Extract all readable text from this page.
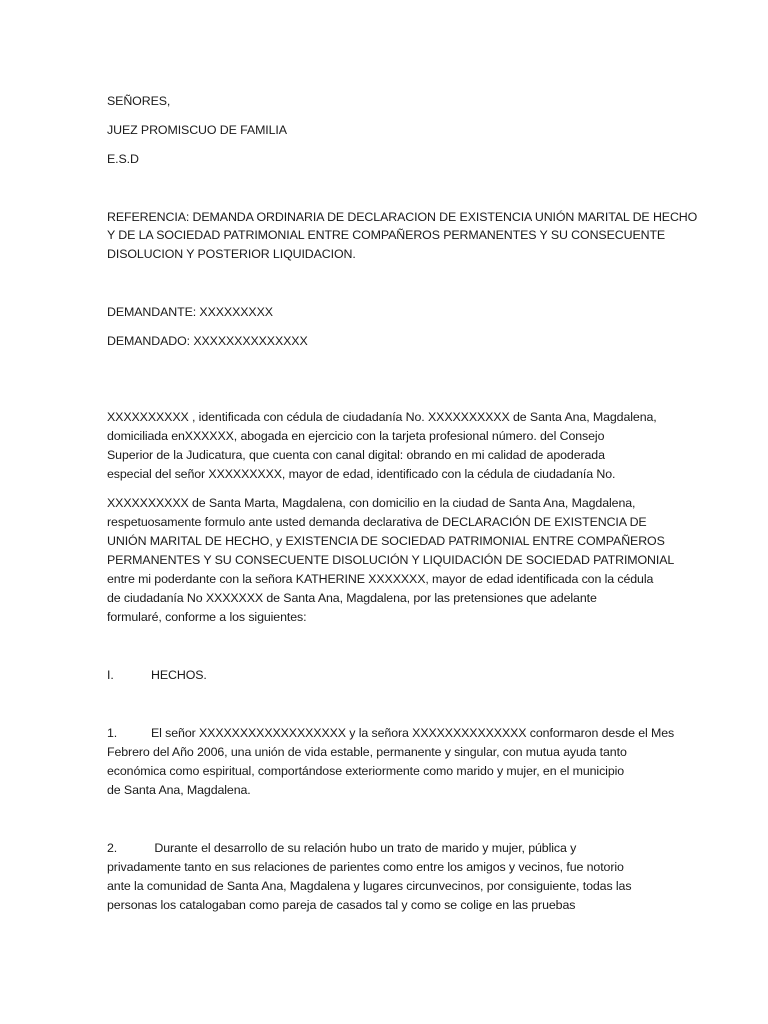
SEÑORES,
JUEZ PROMISCUO DE FAMILIA
E.S.D
REFERENCIA: DEMANDA ORDINARIA DE DECLARACION DE EXISTENCIA UNIÓN MARITAL DE HECHO
Y DE LA SOCIEDAD PATRIMONIAL ENTRE COMPAÑEROS PERMANENTES Y SU CONSECUENTE
DISOLUCION Y POSTERIOR LIQUIDACION.
DEMANDANTE: XXXXXXXXX
DEMANDADO: XXXXXXXXXXXXXX
XXXXXXXXXX , identificada con cédula de ciudadanía No. XXXXXXXXXX de Santa Ana, Magdalena,
domiciliada enXXXXXX, abogada en ejercicio con la tarjeta profesional número. del Consejo
Superior de la Judicatura, que cuenta con canal digital: obrando en mi calidad de apoderada
especial del señor XXXXXXXXX, mayor de edad, identificado con la cédula de ciudadanía No.
XXXXXXXXXX de Santa Marta, Magdalena, con domicilio en la ciudad de Santa Ana, Magdalena,
respetuosamente formulo ante usted demanda declarativa de DECLARACIÓN DE EXISTENCIA DE
UNIÓN MARITAL DE HECHO, y EXISTENCIA DE SOCIEDAD PATRIMONIAL ENTRE COMPAÑEROS
PERMANENTES Y SU CONSECUENTE DISOLUCIÓN Y LIQUIDACIÓN DE SOCIEDAD PATRIMONIAL
entre mi poderdante con la señora KATHERINE XXXXXXX, mayor de edad identificada con la cédula
de ciudadanía No XXXXXXX de Santa Ana, Magdalena, por las pretensiones que adelante
formularé, conforme a los siguientes:
I.	HECHOS.
1.	El señor XXXXXXXXXXXXXXXXXX y la señora XXXXXXXXXXXXXX conformaron desde el Mes
Febrero del Año 2006, una unión de vida estable, permanente y singular, con mutua ayuda tanto
económica como espiritual, comportándose exteriormente como marido y mujer, en el municipio
de Santa Ana, Magdalena.
2.	Durante el desarrollo de su relación hubo un trato de marido y mujer, pública y
privadamente tanto en sus relaciones de parientes como entre los amigos y vecinos, fue notorio
ante la comunidad de Santa Ana, Magdalena y lugares circunvecinos, por consiguiente, todas las
personas los catalogaban como pareja de casados tal y como se colige en las pruebas
